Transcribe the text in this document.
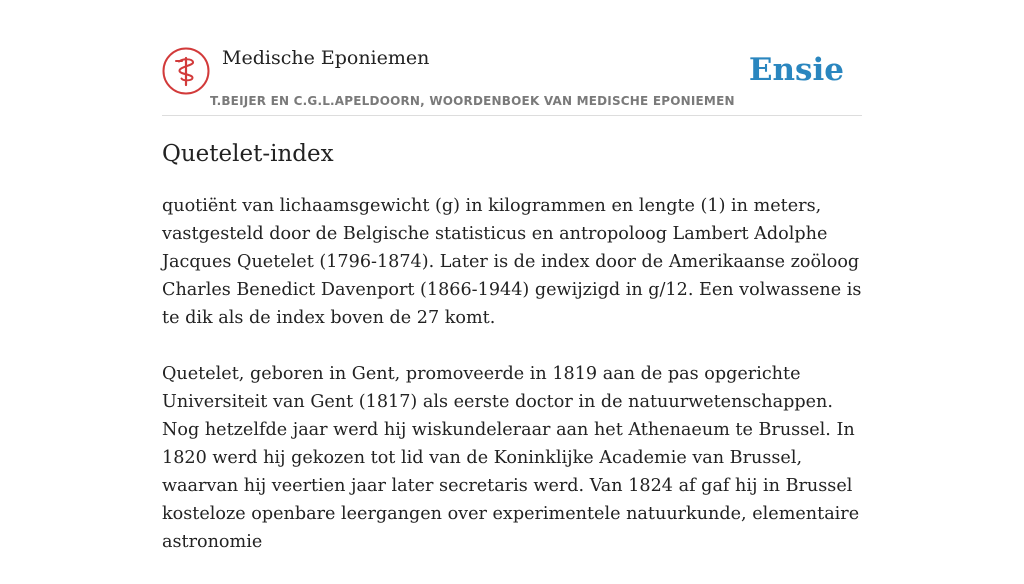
Medische Eponiemen
T.BEIJER EN C.G.L.APELDOORN, WOORDENBOEK VAN MEDISCHE EPONIEMEN
Ensie
Quetelet-index

quotiënt van lichaamsgewicht (g) in kilogrammen en lengte (1) in meters, vastgesteld door de Belgische statisticus en antropoloog Lambert Adolphe Jacques Quetelet (1796-1874). Later is de index door de Amerikaanse zoöloog Charles Benedict Davenport (1866-1944) gewijzigd in g/12. Een volwassene is te dik als de index boven de 27 komt.

Quetelet, geboren in Gent, promoveerde in 1819 aan de pas opgerichte Universiteit van Gent (1817) als eerste doctor in de natuurwetenschappen. Nog hetzelfde jaar werd hij wiskundeleraar aan het Athenaeum te Brussel. In 1820 werd hij gekozen tot lid van de Koninklijke Academie van Brussel, waarvan hij veertien jaar later secretaris werd. Van 1824 af gaf hij in Brussel kosteloze openbare leergangen over experimentele natuurkunde, elementaire astronomie
